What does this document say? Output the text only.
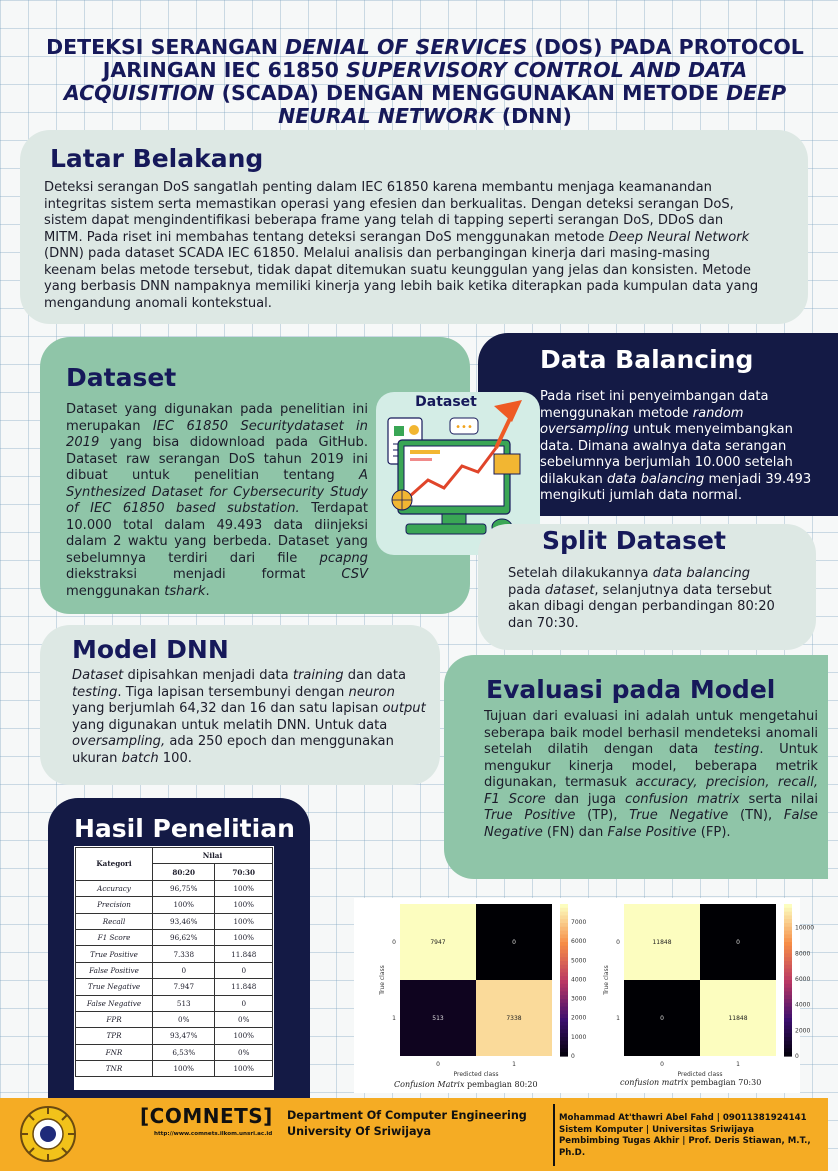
DETEKSI SERANGAN DENIAL OF SERVICES (DOS) PADA PROTOCOL JARINGAN IEC 61850 SUPERVISORY CONTROL AND DATA ACQUISITION (SCADA) DENGAN MENGGUNAKAN METODE DEEP NEURAL NETWORK (DNN)
Latar Belakang

Deteksi serangan DoS sangatlah penting dalam IEC 61850 karena membantu menjaga keamanandan integritas sistem serta memastikan operasi yang efesien dan berkualitas. Dengan deteksi serangan DoS, sistem dapat mengindentifikasi beberapa frame yang telah di tapping seperti serangan DoS, DDoS dan MITM. Pada riset ini membahas tentang deteksi serangan DoS menggunakan metode Deep Neural Network (DNN) pada dataset SCADA IEC 61850. Melalui analisis dan perbangingan kinerja dari masing-masing keenam belas metode tersebut, tidak dapat ditemukan suatu keunggulan yang jelas dan konsisten. Metode yang berbasis DNN nampaknya memiliki kinerja yang lebih baik ketika diterapkan pada kumpulan data yang mengandung anomali kontekstual.

Dataset

Dataset yang digunakan pada penelitian ini merupakan IEC 61850 Securitydataset in 2019 yang bisa didownload pada GitHub. Dataset raw serangan DoS tahun 2019 ini dibuat untuk penelitian tentang A Synthesized Dataset for Cybersecurity Study of IEC 61850 based substation. Terdapat 10.000 total dalam 49.493 data diinjeksi dalam 2 waktu yang berbeda. Dataset yang sebelumnya terdiri dari file pcapng diekstraksi menjadi format CSV menggunakan tshark.

Data Balancing

Pada riset ini penyeimbangan data menggunakan metode random oversampling untuk menyeimbangkan data. Dimana awalnya data serangan sebelumnya berjumlah 10.000 setelah dilakukan data balancing menjadi 39.493 mengikuti jumlah data normal.

Dataset
•••
Split Dataset

Setelah dilakukannya data balancing pada dataset, selanjutnya data tersebut akan dibagi dengan perbandingan 80:20 dan 70:30.

Model DNN

Dataset dipisahkan menjadi data training dan data testing. Tiga lapisan tersembunyi dengan neuron yang berjumlah 64,32 dan 16 dan satu lapisan output yang digunakan untuk melatih DNN. Untuk data oversampling, ada 250 epoch dan menggunakan ukuran batch 100.

Evaluasi pada Model

Tujuan dari evaluasi ini adalah untuk mengetahui seberapa baik model berhasil mendeteksi anomali setelah dilatih dengan data testing. Untuk mengukur kinerja model, beberapa metrik digunakan, termasuk accuracy, precision, recall, F1 Score dan juga confusion matrix serta nilai True Positive (TP), True Negative (TN), False Negative (FN) dan False Positive (FP).

Hasil Penelitian
Kategori	Nilai	
	80:20	70:30
Accuracy	96,75%	100%
Precision	100%	100%
Recall	93,46%	100%
F1 Score	96,62%	100%
True Positive	7.338	11.848
False Positive	0	0
True Negative	7.947	11.848
False Negative	513	0
FPR	0%	0%
TPR	93,47%	100%
FNR	6,53%	0%
TNR	100%	100%
7947	0
513	7338
0	1
0
1
Predicted class
True class
0
1000
2000
3000
4000
5000
6000
7000
11848	0
0	11848
0	1
0
1
Predicted class
True class
0
2000
4000
6000
8000
10000
Confusion Matrix pembagian 80:20	confusion matrix pembagian 70:30
[COMNETS]
http://www.comnets.ilkom.unsri.ac.id
Department Of Computer Engineering
University Of Sriwijaya
Mohammad At'thawri Abel Fahd | 09011381924141
Sistem Komputer | Universitas Sriwijaya
Pembimbing Tugas Akhir | Prof. Deris Stiawan, M.T., Ph.D.
